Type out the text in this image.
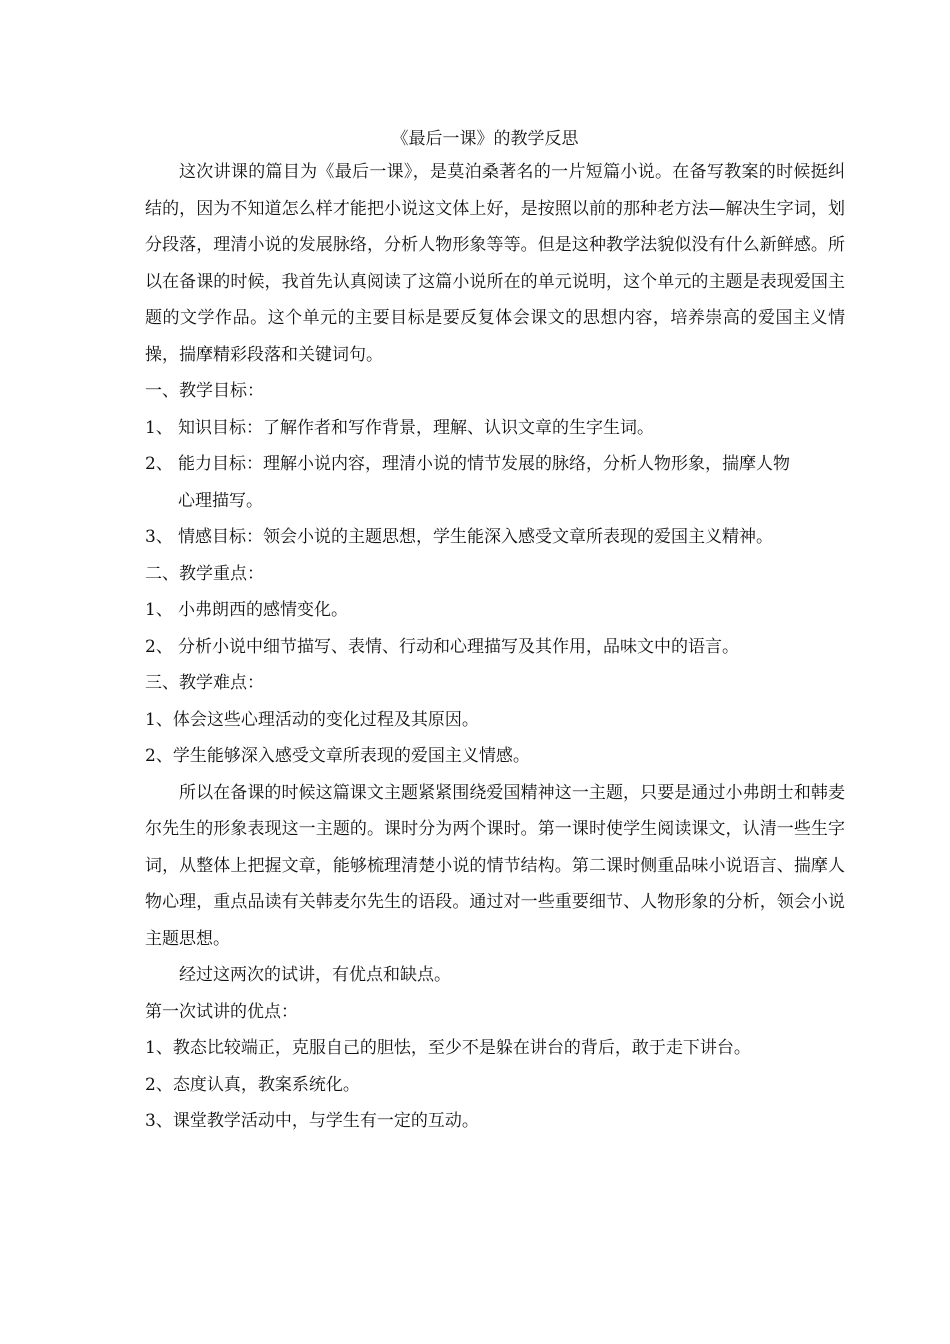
《最后一课》的教学反思

这次讲课的篇目为《最后一课》，是莫泊桑著名的一片短篇小说。在备写教案的时候挺纠结的，因为不知道怎么样才能把小说这文体上好，是按照以前的那种老方法—解决生字词，划分段落，理清小说的发展脉络，分析人物形象等等。但是这种教学法貌似没有什么新鲜感。所以在备课的时候，我首先认真阅读了这篇小说所在的单元说明，这个单元的主题是表现爱国主题的文学作品。这个单元的主要目标是要反复体会课文的思想内容，培养崇高的爱国主义情操，揣摩精彩段落和关键词句。

一、教学目标：

1、 知识目标：了解作者和写作背景，理解、认识文章的生字生词。
2、 能力目标：理解小说内容，理清小说的情节发展的脉络，分析人物形象，揣摩人物心理描写。
3、 情感目标：领会小说的主题思想，学生能深入感受文章所表现的爱国主义精神。

二、教学重点：

1、 小弗朗西的感情变化。
2、 分析小说中细节描写、表情、行动和心理描写及其作用，品味文中的语言。

三、教学难点：

1、 体会这些心理活动的变化过程及其原因。
2、 学生能够深入感受文章所表现的爱国主义情感。

所以在备课的时候这篇课文主题紧紧围绕爱国精神这一主题，只要是通过小弗朗士和韩麦尔先生的形象表现这一主题的。课时分为两个课时。第一课时使学生阅读课文，认清一些生字词，从整体上把握文章，能够梳理清楚小说的情节结构。第二课时侧重品味小说语言、揣摩人物心理，重点品读有关韩麦尔先生的语段。通过对一些重要细节、人物形象的分析，领会小说主题思想。

经过这两次的试讲，有优点和缺点。

第一次试讲的优点：

1、 教态比较端正，克服自己的胆怯，至少不是躲在讲台的背后，敢于走下讲台。
2、 态度认真，教案系统化。
3、 课堂教学活动中，与学生有一定的互动。
